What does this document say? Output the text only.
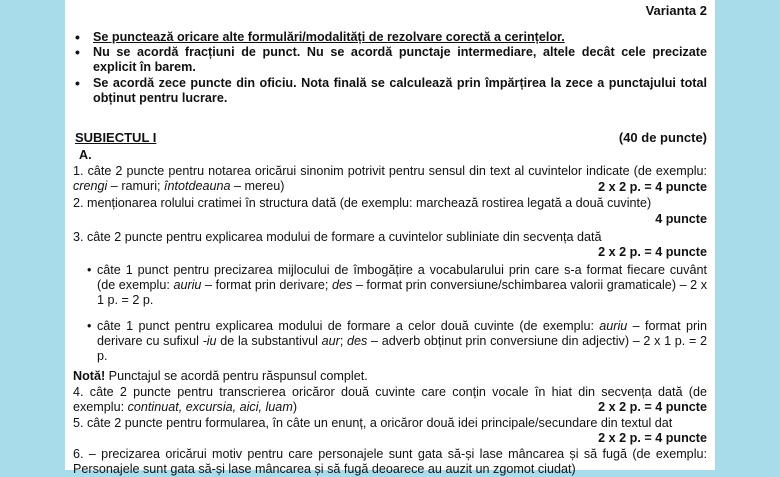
Varianta 2
• Se punctează oricare alte formulări/modalități de rezolvare corectă a cerințelor.
• Nu se acordă fracțiuni de punct. Nu se acordă punctaje intermediare, altele decât cele precizate explicit în barem.
• Se acordă zece puncte din oficiu. Nota finală se calculează prin împărțirea la zece a punctajului total obținut pentru lucrare.
SUBIECTUL I	(40 de puncte)
A.
1. câte 2 puncte pentru notarea oricărui sinonim potrivit pentru sensul din text al cuvintelor indicate (de exemplu: crengi – ramuri; întotdeauna – mereu)	2 x 2 p. = 4 puncte
2. menționarea rolului cratimei în structura dată (de exemplu: marchează rostirea legată a două cuvinte)
4 puncte
3. câte 2 puncte pentru explicarea modului de formare a cuvintelor subliniate din secvența dată
2 x 2 p. = 4 puncte
• câte 1 punct pentru precizarea mijlocului de îmbogățire a vocabularului prin care s-a format fiecare cuvânt (de exemplu: auriu – format prin derivare; des – format prin conversiune/schimbarea valorii gramaticale) – 2 x 1 p. = 2 p.
• câte 1 punct pentru explicarea modului de formare a celor două cuvinte (de exemplu: auriu – format prin derivare cu sufixul -iu de la substantivul aur; des – adverb obținut prin conversiune din adjectiv) – 2 x 1 p. = 2 p.
Notă! Punctajul se acordă pentru răspunsul complet.
4. câte 2 puncte pentru transcrierea oricăror două cuvinte care conțin vocale în hiat din secvența dată (de exemplu: continuat, excursia, aici, luam)	2 x 2 p. = 4 puncte
5. câte 2 puncte pentru formularea, în câte un enunț, a oricăror două idei principale/secundare din textul dat
2 x 2 p. = 4 puncte
6. – precizarea oricărui motiv pentru care personajele sunt gata să-și lase mâncarea și să fugă (de exemplu: Personajele sunt gata să-și lase mâncarea și să fugă deoarece au auzit un zgomot ciudat)
